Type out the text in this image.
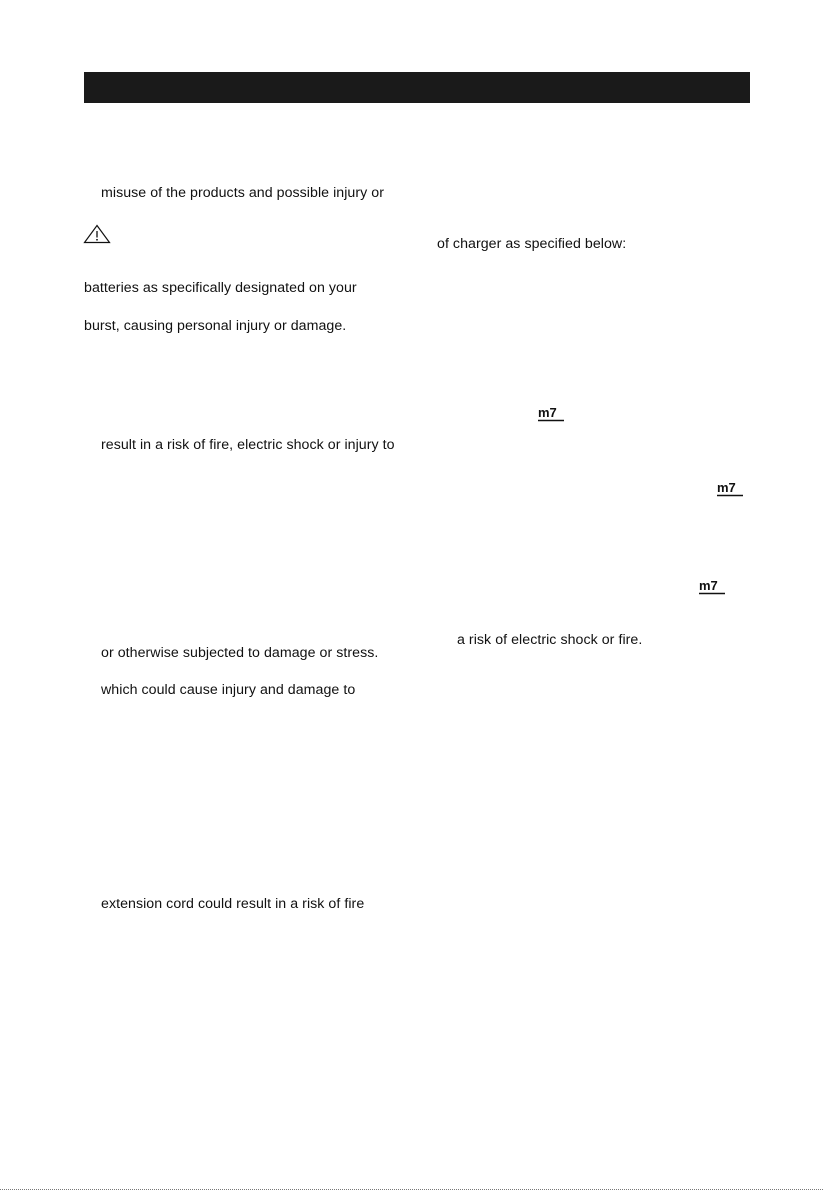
misuse of the products and possible injury or
batteries as specifically designated on your
burst, causing personal injury or damage.
result in a risk of fire, electric shock or injury to
or otherwise subjected to damage or stress.
which could cause injury and damage to
extension cord could result in a risk of fire
of charger as specified below:
a risk of electric shock or fire.
m7
m7
m7
